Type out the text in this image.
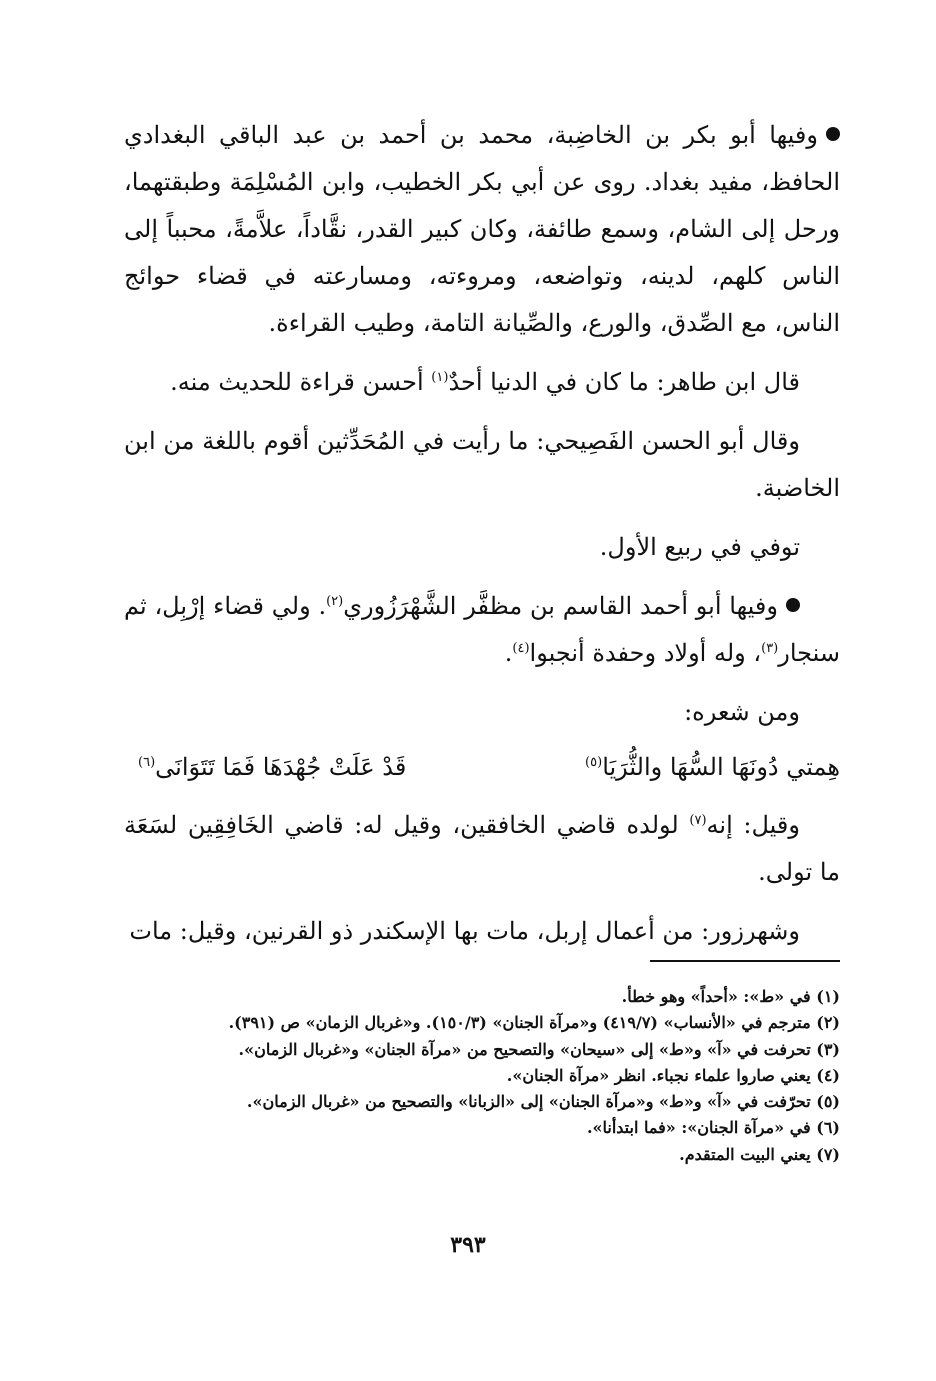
وفيها أبو بكر بن الخاضِبة، محمد بن أحمد بن عبد الباقي البغدادي الحافظ، مفيد بغداد. روى عن أبي بكر الخطيب، وابن المُسْلِمَة وطبقتهما، ورحل إلى الشام، وسمع طائفة، وكان كبير القدر، نقَّاداً، علاَّمةً، محبباً إلى الناس كلهم، لدينه، وتواضعه، ومروءته، ومسارعته في قضاء حوائج الناس، مع الصِّدق، والورع، والصِّيانة التامة، وطيب القراءة.

قال ابن طاهر: ما كان في الدنيا أحدٌ$^{(١)}$ أحسن قراءة للحديث منه.

وقال أبو الحسن الفَصِيحي: ما رأيت في المُحَدِّثين أقوم باللغة من ابن الخاضبة.

توفي في ربيع الأول.

وفيها أبو أحمد القاسم بن مظفَّر الشَّهْرَزُوري$^{(٢)}$. ولي قضاء إرْبِل، ثم سنجار$^{(٣)}$، وله أولاد وحفدة أنجبوا$^{(٤)}$.

ومن شعره:

هِمتي دُونَهَا السُّهَا والثُّرَيَا$^{(٥)}$
قَدْ عَلَتْ جُهْدَهَا فَمَا تَتَوَانَى$^{(٦)}$

وقيل: إنه$^{(٧)}$ لولده قاضي الخافقين، وقيل له: قاضي الخَافِقِين لسَعَة ما تولى.

وشهرزور: من أعمال إربل، مات بها الإسكندر ذو القرنين، وقيل: مات

(١) في «ط»: «أحداً» وهو خطأ.
(٢) مترجم في «الأنساب» (٤١٩/٧) و«مرآة الجنان» (١٥٠/٣). و«غربال الزمان» ص (٣٩١).
(٣) تحرفت في «آ» و«ط» إلى «سيحان» والتصحيح من «مرآة الجنان» و«غربال الزمان».
(٤) يعني صاروا علماء نجباء. انظر «مرآة الجنان».
(٥) تحرّفت في «آ» و«ط» و«مرآة الجنان» إلى «الزبانا» والتصحيح من «غربال الزمان».
(٦) في «مرآة الجنان»: «فما ابتدأنا».
(٧) يعني البيت المتقدم.
٣٩٣
